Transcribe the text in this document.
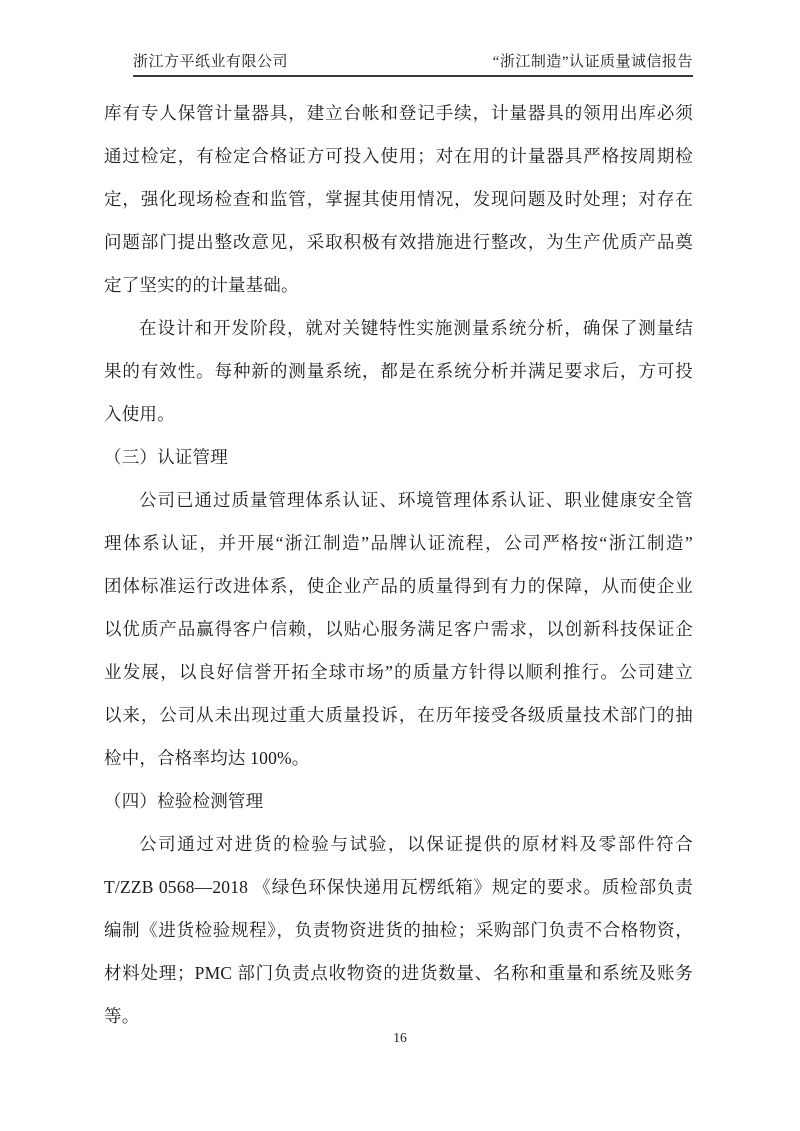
浙江方平纸业有限公司	“浙江制造”认证质量诚信报告
库有专人保管计量器具，建立台帐和登记手续，计量器具的领用出库必须
通过检定，有检定合格证方可投入使用；对在用的计量器具严格按周期检
定，强化现场检查和监管，掌握其使用情况，发现问题及时处理；对存在
问题部门提出整改意见，采取积极有效措施进行整改，为生产优质产品奠
定了坚实的的计量基础。
在设计和开发阶段，就对关键特性实施测量系统分析，确保了测量结
果的有效性。每种新的测量系统，都是在系统分析并满足要求后，方可投
入使用。
（三）认证管理
公司已通过质量管理体系认证、环境管理体系认证、职业健康安全管
理体系认证，并开展“浙江制造”品牌认证流程，公司严格按“浙江制造”
团体标准运行改进体系，使企业产品的质量得到有力的保障，从而使企业
以优质产品赢得客户信赖，以贴心服务满足客户需求，以创新科技保证企
业发展，以良好信誉开拓全球市场”的质量方针得以顺利推行。公司建立
以来，公司从未出现过重大质量投诉，在历年接受各级质量技术部门的抽
检中，合格率均达 100%。
（四）检验检测管理
公司通过对进货的检验与试验，以保证提供的原材料及零部件符合
T/ZZB 0568—2018 《绿色环保快递用瓦楞纸箱》规定的要求。质检部负责
编制《进货检验规程》，负责物资进货的抽检；采购部门负责不合格物资，
材料处理；PMC 部门负责点收物资的进货数量、名称和重量和系统及账务
等。
16
